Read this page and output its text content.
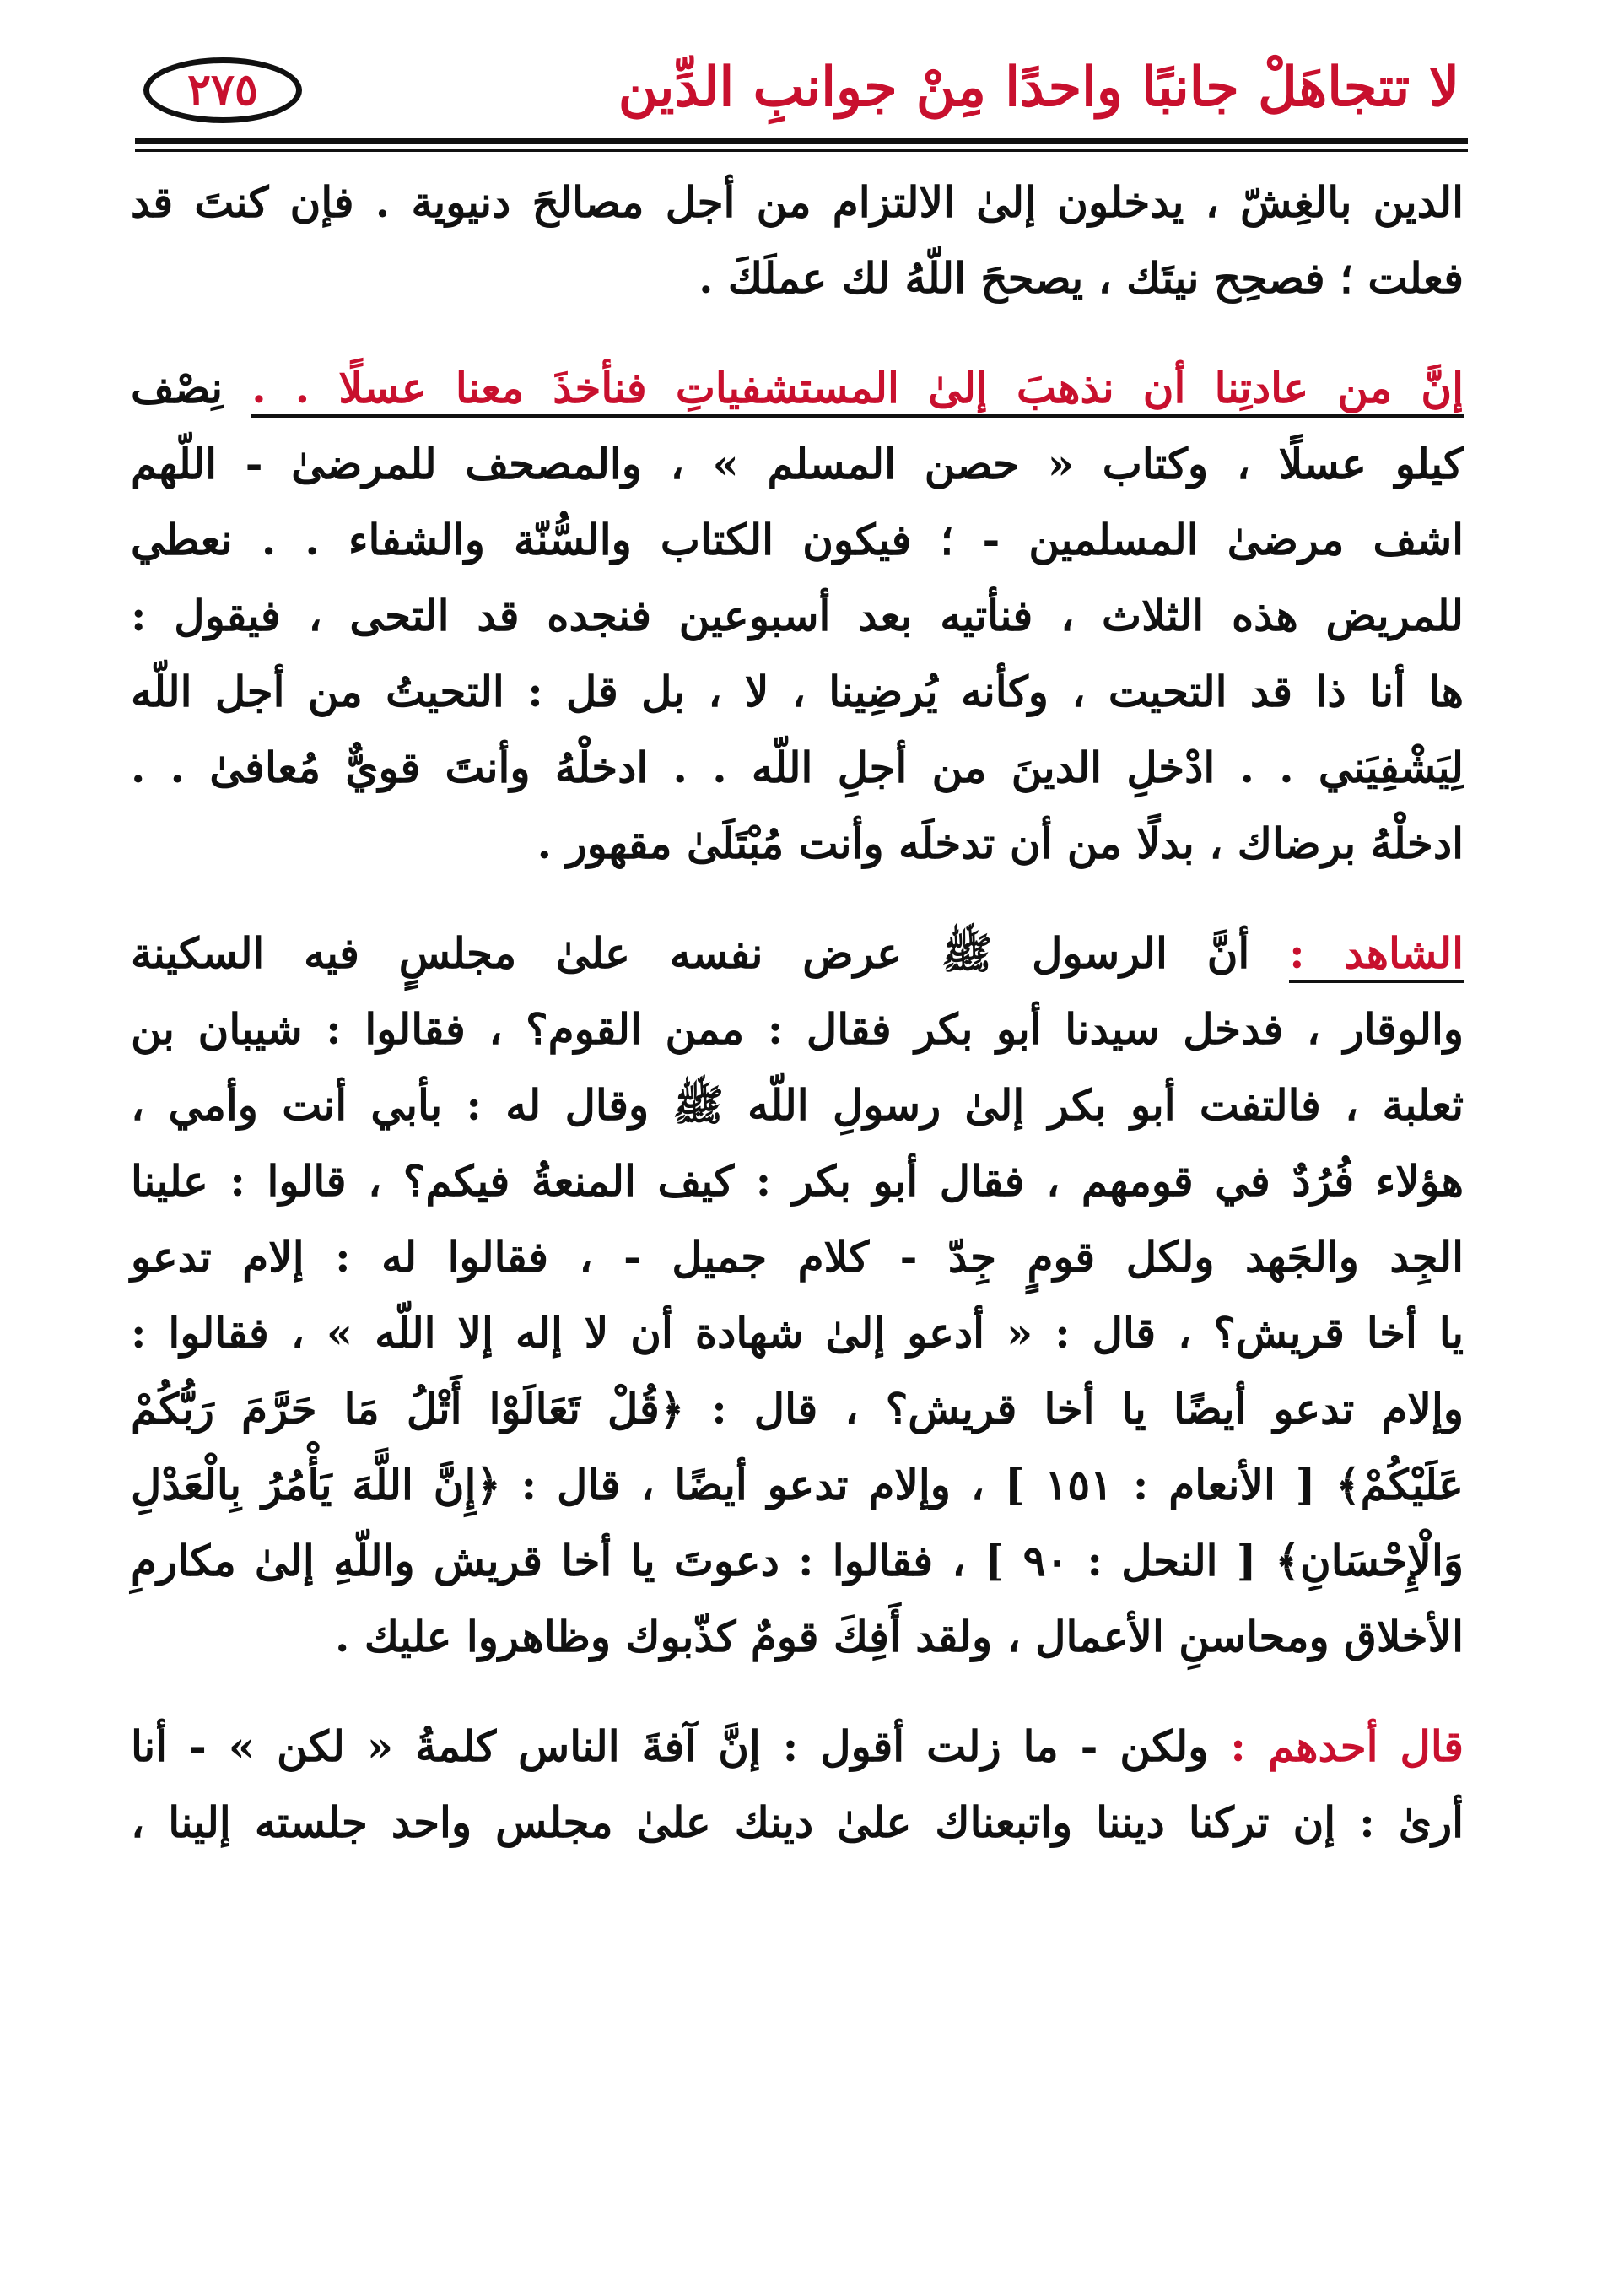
لا تتجاهَلْ جانبًا واحدًا مِنْ جوانبِ الدِّين
٢٧٥
الدين بالغِشّ ، يدخلون إلىٰ الالتزام من أجل مصالحَ دنيوية . فإن كنتَ قد
فعلت ؛ فصحِح نيتَك ، يصححَ اللّهُ لك عملَكَ .
إنَّ من عادتِنا أن نذهبَ إلىٰ المستشفياتِ فنأخذَ معنا عسلًا . . نِصْف
كيلو عسلًا ، وكتاب « حصن المسلم » ، والمصحف للمرضىٰ - اللّهم
اشف مرضىٰ المسلمين - ؛ فيكون الكتاب والسُّنّة والشفاء . . نعطي
للمريض هذه الثلاث ، فنأتيه بعد أسبوعين فنجده قد التحى ، فيقول :
ها أنا ذا قد التحيت ، وكأنه يُرضِينا ، لا ، بل قل : التحيتُ من أجل اللّه
لِيَشْفِيَني . . ادْخلِ الدينَ من أجلِ اللّه . . ادخلْهُ وأنتَ قويٌّ مُعافىٰ . .
ادخلْهُ برضاك ، بدلًا من أن تدخلَه وأنت مُبْتَلَىٰ مقهور .
الشاهد : أنَّ الرسول ﷺ عرض نفسه علىٰ مجلسٍ فيه السكينة
والوقار ، فدخل سيدنا أبو بكر فقال : ممن القوم؟ ، فقالوا : شيبان بن
ثعلبة ، فالتفت أبو بكر إلىٰ رسولِ اللّه ﷺ وقال له : بأبي أنت وأمي ،
هؤلاء فُرُدٌ في قومهم ، فقال أبو بكر : كيف المنعةُ فيكم؟ ، قالوا : علينا
الجِد والجَهد ولكل قومٍ جِدّ - كلام جميل - ، فقالوا له : إلام تدعو
يا أخا قريش؟ ، قال : « أدعو إلىٰ شهادة أن لا إله إلا اللّه » ، فقالوا :
وإلام تدعو أيضًا يا أخا قريش؟ ، قال : ﴿قُلْ تَعَالَوْا أَتْلُ مَا حَرَّمَ رَبُّكُمْ
عَلَيْكُمْ﴾ [ الأنعام : ١٥١ ] ، وإلام تدعو أيضًا ، قال : ﴿إِنَّ اللَّهَ يَأْمُرُ بِالْعَدْلِ
وَالْإِحْسَانِ﴾ [ النحل : ٩٠ ] ، فقالوا : دعوتَ يا أخا قريش واللّهِ إلىٰ مكارمِ
الأخلاق ومحاسنِ الأعمال ، ولقد أَفِكَ قومٌ كذّبوك وظاهروا عليك .
قال أحدهم : ولكن - ما زلت أقول : إنَّ آفةَ الناس كلمةُ « لكن » - أنا
أرىٰ : إن تركنا ديننا واتبعناك علىٰ دينك علىٰ مجلس واحد جلسته إلينا ،
